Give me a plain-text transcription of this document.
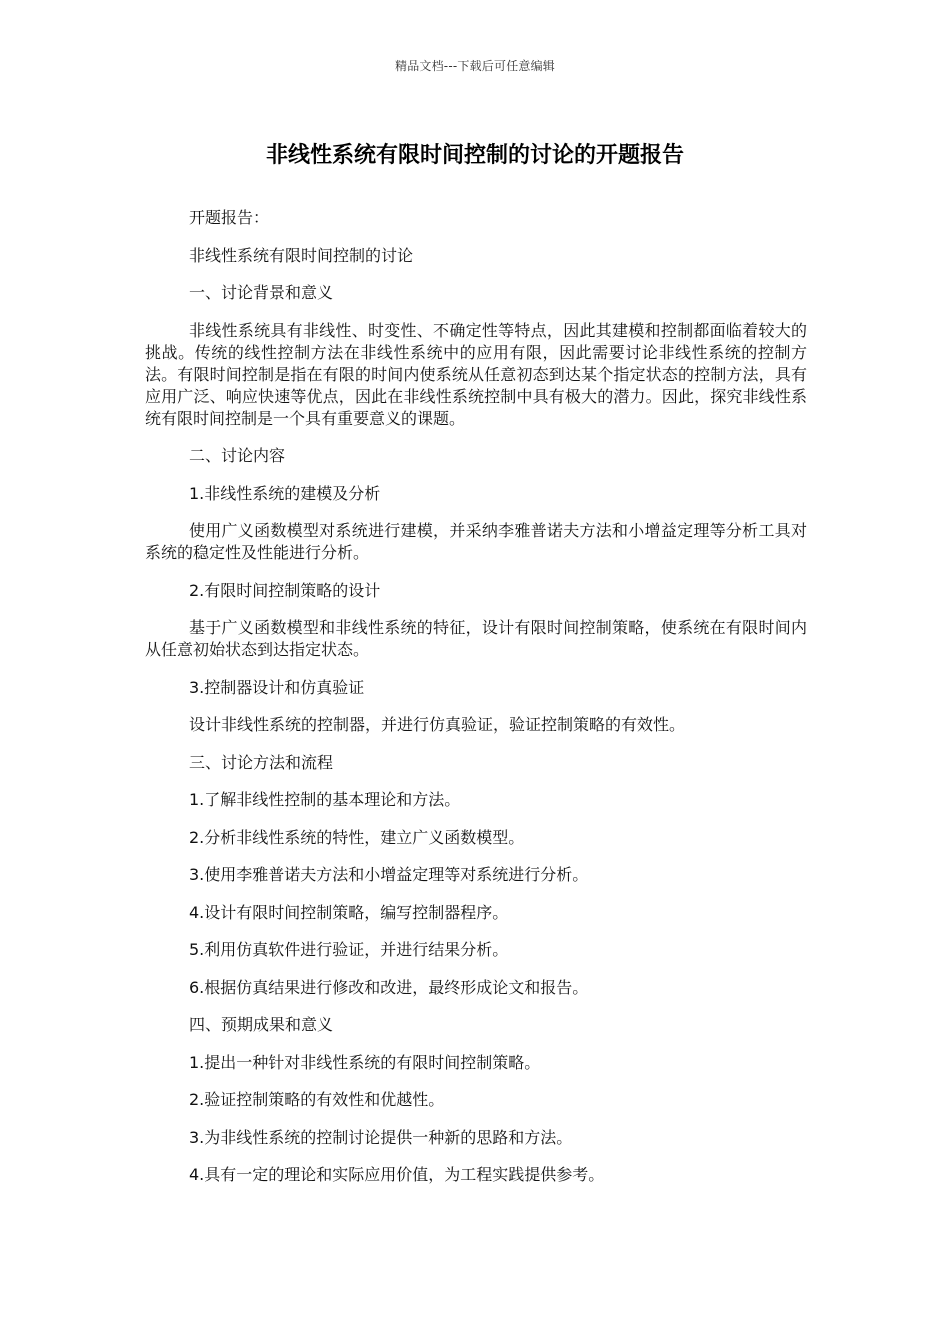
精品文档---下载后可任意编辑
非线性系统有限时间控制的讨论的开题报告

开题报告：

非线性系统有限时间控制的讨论

一、讨论背景和意义

非线性系统具有非线性、时变性、不确定性等特点，因此其建模和控制都面临着较大的挑战。传统的线性控制方法在非线性系统中的应用有限，因此需要讨论非线性系统的控制方法。有限时间控制是指在有限的时间内使系统从任意初态到达某个指定状态的控制方法，具有应用广泛、响应快速等优点，因此在非线性系统控制中具有极大的潜力。因此，探究非线性系统有限时间控制是一个具有重要意义的课题。

二、讨论内容

1.非线性系统的建模及分析

使用广义函数模型对系统进行建模，并采纳李雅普诺夫方法和小增益定理等分析工具对系统的稳定性及性能进行分析。

2.有限时间控制策略的设计

基于广义函数模型和非线性系统的特征，设计有限时间控制策略，使系统在有限时间内从任意初始状态到达指定状态。

3.控制器设计和仿真验证

设计非线性系统的控制器，并进行仿真验证，验证控制策略的有效性。

三、讨论方法和流程

1.了解非线性控制的基本理论和方法。

2.分析非线性系统的特性，建立广义函数模型。

3.使用李雅普诺夫方法和小增益定理等对系统进行分析。

4.设计有限时间控制策略，编写控制器程序。

5.利用仿真软件进行验证，并进行结果分析。

6.根据仿真结果进行修改和改进，最终形成论文和报告。

四、预期成果和意义

1.提出一种针对非线性系统的有限时间控制策略。

2.验证控制策略的有效性和优越性。

3.为非线性系统的控制讨论提供一种新的思路和方法。

4.具有一定的理论和实际应用价值，为工程实践提供参考。
